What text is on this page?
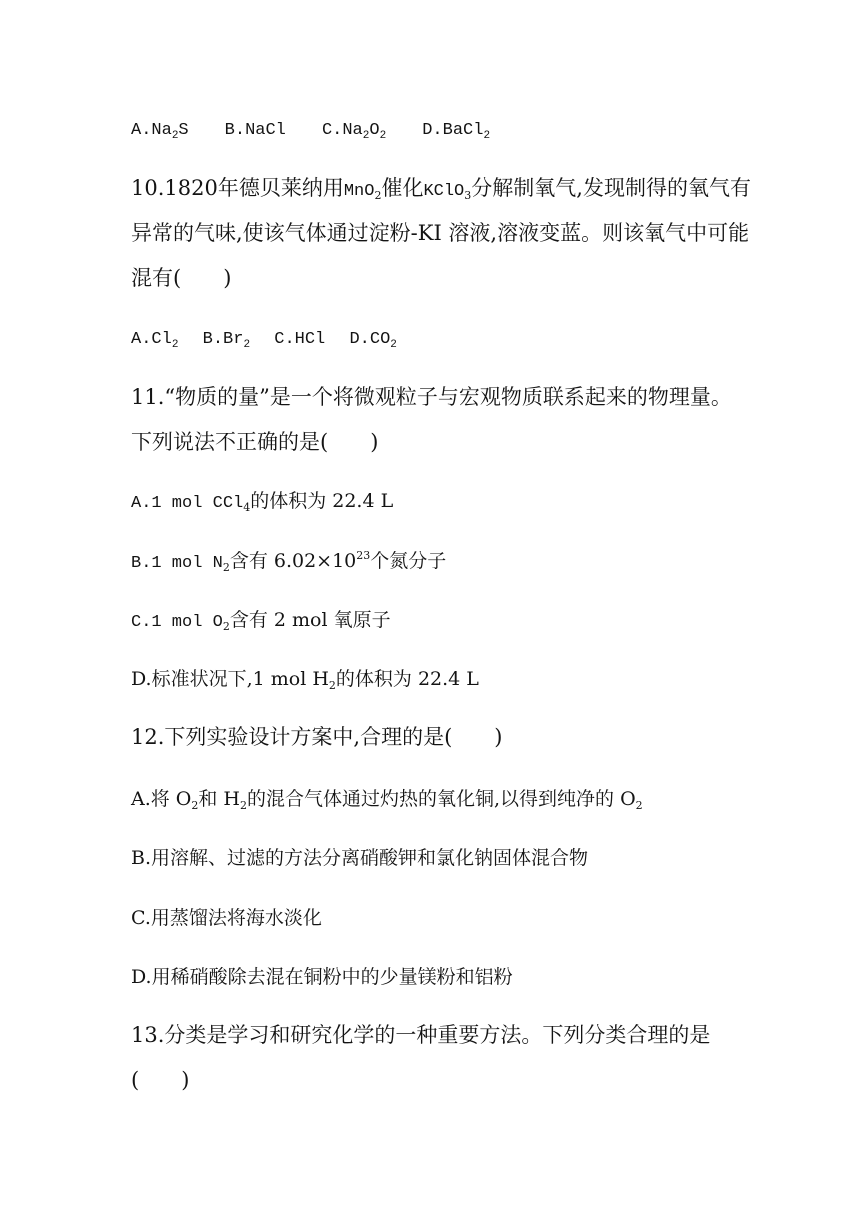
$A.Na_2S$ B.NaCl $C.Na_2O_2$ D.BaCl$_2$

10.1820年德贝莱纳用MnO$_2$催化KClO$_3$分解制氧气,发现制得的氧气有

异常的气味,使该气体通过淀粉-KI 溶液,溶液变蓝。则该氧气中可能

混有(　　)

$A.Cl_2$ $B.Br_2$ C.HCl $D.CO_2$

11.“物质的量”是一个将微观粒子与宏观物质联系起来的物理量。

下列说法不正确的是(　　)

A.1 mol CCl$_4$的体积为 22.4 L

B.1 mol $N_2$含有 $6.02\times 10^{23}$个氮分子

C.1 mol $O_2$含有 2 mol 氧原子

D.标准状况下,1 mol $H_2$的体积为 22.4 L

12.下列实验设计方案中,合理的是(　　)

A.将 $O_2$和 $H_2$的混合气体通过灼热的氧化铜,以得到纯净的 $O_2$

B.用溶解、过滤的方法分离硝酸钾和氯化钠固体混合物

C.用蒸馏法将海水淡化

D.用稀硝酸除去混在铜粉中的少量镁粉和铝粉

13.分类是学习和研究化学的一种重要方法。下列分类合理的是

(　　)
